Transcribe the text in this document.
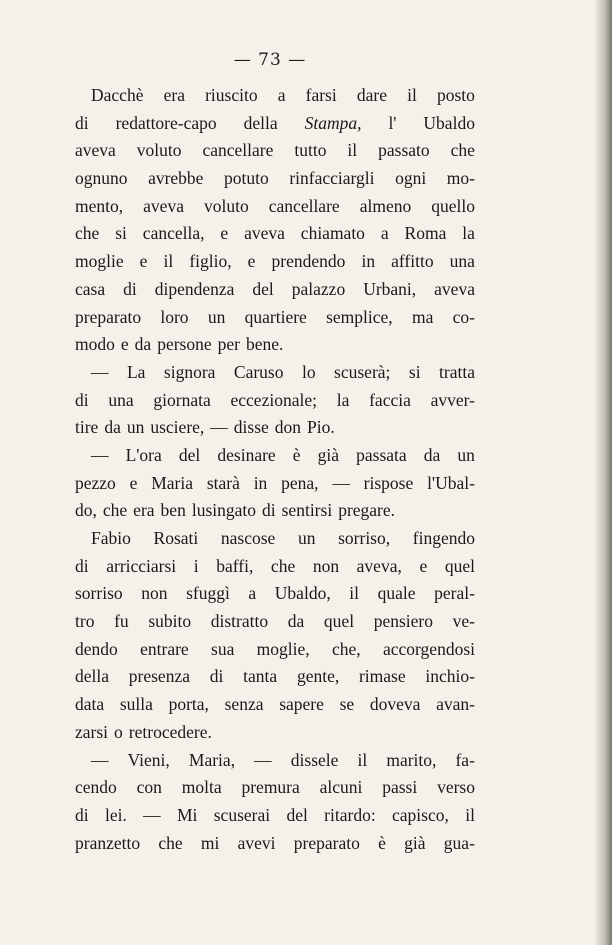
— 73 —
Dacchè era riuscito a farsi dare il posto
di redattore-capo della Stampa, l' Ubaldo
aveva voluto cancellare tutto il passato che
ognuno avrebbe potuto rinfacciargli ogni mo-
mento, aveva voluto cancellare almeno quello
che si cancella, e aveva chiamato a Roma la
moglie e il figlio, e prendendo in affitto una
casa di dipendenza del palazzo Urbani, aveva
preparato loro un quartiere semplice, ma co-
modo e da persone per bene.
— La signora Caruso lo scuserà; si tratta
di una giornata eccezionale; la faccia avver-
tire da un usciere, — disse don Pio.
— L'ora del desinare è già passata da un
pezzo e Maria starà in pena, — rispose l'Ubal-
do, che era ben lusingato di sentirsi pregare.
Fabio Rosati nascose un sorriso, fingendo
di arricciarsi i baffi, che non aveva, e quel
sorriso non sfuggì a Ubaldo, il quale peral-
tro fu subito distratto da quel pensiero ve-
dendo entrare sua moglie, che, accorgendosi
della presenza di tanta gente, rimase inchio-
data sulla porta, senza sapere se doveva avan-
zarsi o retrocedere.
— Vieni, Maria, — dissele il marito, fa-
cendo con molta premura alcuni passi verso
di lei. — Mi scuserai del ritardo: capisco, il
pranzetto che mi avevi preparato è già gua-
